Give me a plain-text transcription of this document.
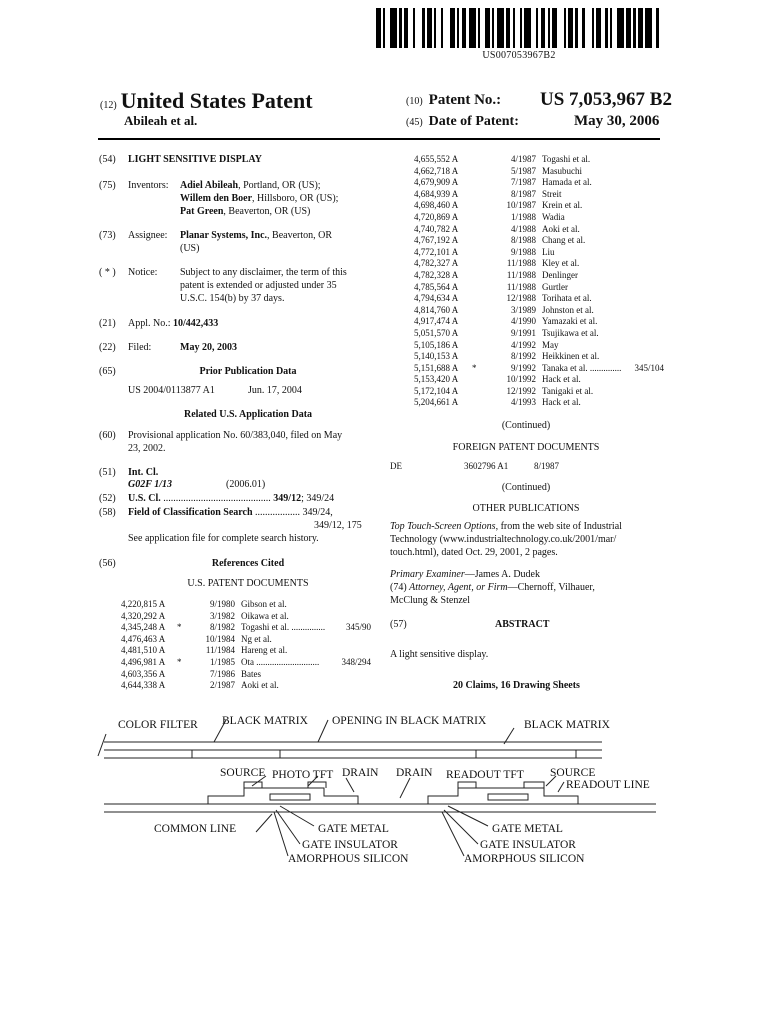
US007053967B2
(12) United States Patent
Abileah et al.
(10) Patent No.: US 7,053,967 B2
(45) Date of Patent:	May 30, 2006
(54) LIGHT SENSITIVE DISPLAY
(75) Inventors: Adiel Abileah, Portland, OR (US);
Willem den Boer, Hillsboro, OR (US);
Pat Green, Beaverton, OR (US)
(73) Assignee: Planar Systems, Inc., Beaverton, OR
(US)
( * ) Notice: Subject to any disclaimer, the term of this
patent is extended or adjusted under 35
U.S.C. 154(b) by 37 days.
(21) Appl. No.: 10/442,433
(22) Filed:	May 20, 2003
(65)	Prior Publication Data
US 2004/0113877 A1	Jun. 17, 2004
Related U.S. Application Data
(60) Provisional application No. 60/383,040, filed on May
23, 2002.
(51) Int. Cl.
G02F 1/13	(2006.01)
(52) U.S. Cl. ........................................... 349/12; 349/24
(58) Field of Classification Search .................. 349/24,
349/12, 175
See application file for complete search history.
(56)	References Cited
U.S. PATENT DOCUMENTS
4,220,815 A	9/1980 Gibson et al.
4,320,292 A	3/1982 Oikawa et al.
4,345,248 A	*	8/1982 Togashi et al. ...............	345/90
4,476,463 A	10/1984 Ng et al.
4,481,510 A	11/1984 Hareng et al.
4,496,981 A	*	1/1985 Ota ............................	348/294
4,603,356 A	7/1986 Bates
4,644,338 A	2/1987 Aoki et al.
4,655,552 A	4/1987 Togashi et al.
4,662,718 A	5/1987 Masubuchi
4,679,909 A	7/1987 Hamada et al.
4,684,939 A	8/1987 Streit
4,698,460 A	10/1987 Krein et al.
4,720,869 A	1/1988 Wadia
4,740,782 A	4/1988 Aoki et al.
4,767,192 A	8/1988 Chang et al.
4,772,101 A	9/1988 Liu
4,782,327 A	11/1988 Kley et al.
4,782,328 A	11/1988 Denlinger
4,785,564 A	11/1988 Gurtler
4,794,634 A	12/1988 Torihata et al.
4,814,760 A	3/1989 Johnston et al.
4,917,474 A	4/1990 Yamazaki et al.
5,051,570 A	9/1991 Tsujikawa et al.
5,105,186 A	4/1992 May
5,140,153 A	8/1992 Heikkinen et al.
5,151,688 A	*	9/1992 Tanaka et al. ..............	345/104
5,153,420 A	10/1992 Hack et al.
5,172,104 A	12/1992 Tanigaki et al.
5,204,661 A	4/1993 Hack et al.
(Continued)
FOREIGN PATENT DOCUMENTS
DE	3602796 A1	8/1987
(Continued)
OTHER PUBLICATIONS
Top Touch-Screen Options, from the web site of Industrial
Technology (www.industrialtechnology.co.uk/2001/mar/
touch.html), dated Oct. 29, 2001, 2 pages.
Primary Examiner—James A. Dudek
(74) Attorney, Agent, or Firm—Chernoff, Vilhauer,
McClung & Stenzel
(57)	ABSTRACT
A light sensitive display.
20 Claims, 16 Drawing Sheets
COLOR FILTER BLACK MATRIX OPENING IN BLACK MATRIX	BLACK MATRIX
SOURCE PHOTO TFT DRAIN DRAIN READOUT TFT SOURCE
READOUT LINE
COMMON LINE	GATE METAL	GATE METAL
GATE INSULATOR	GATE INSULATOR
AMORPHOUS SILICON	AMORPHOUS SILICON
